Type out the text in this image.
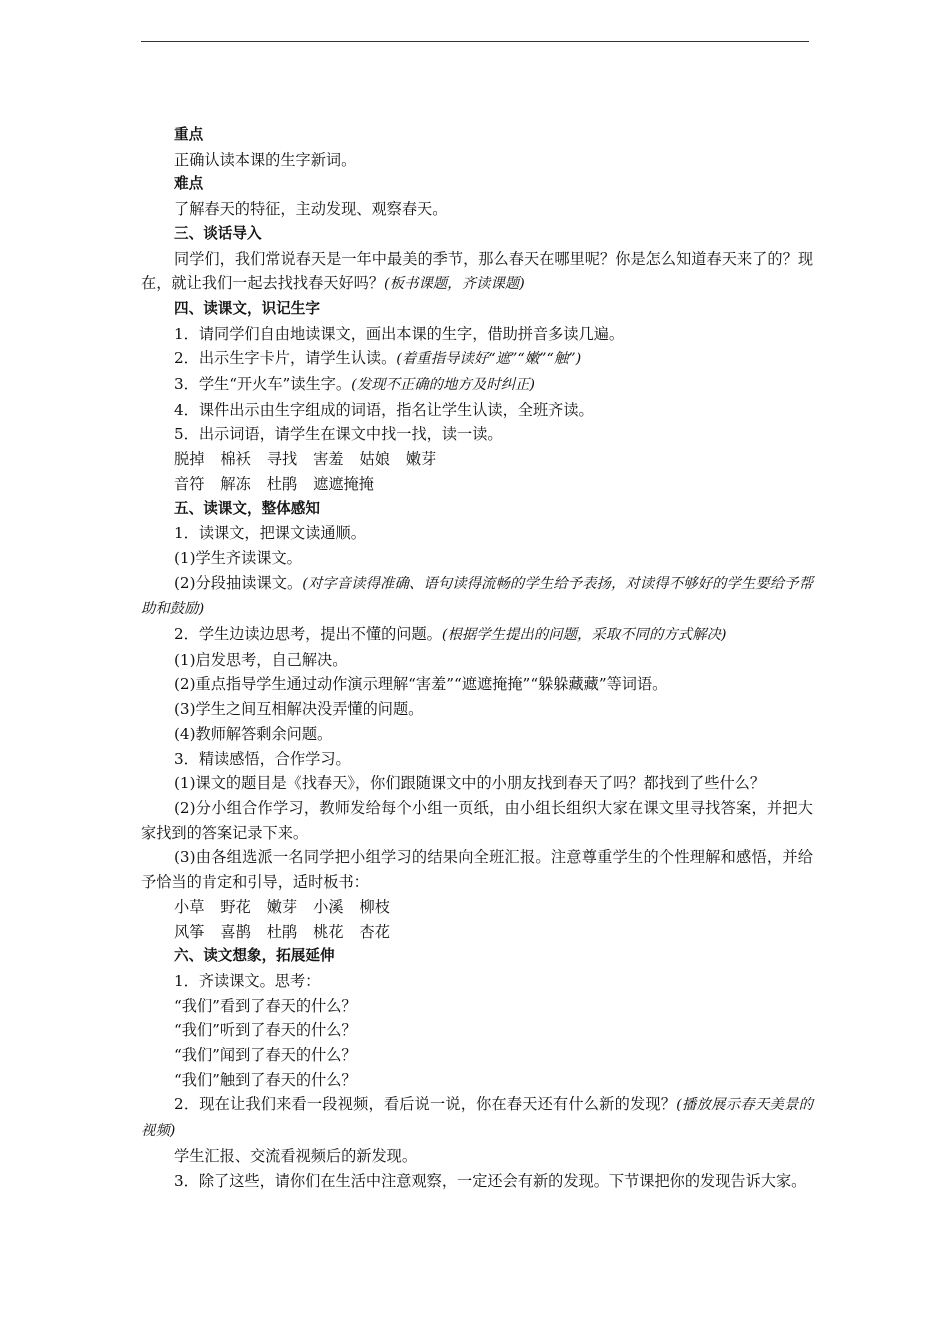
重点

正确认读本课的生字新词。

难点

了解春天的特征，主动发现、观察春天。

三、谈话导入

同学们，我们常说春天是一年中最美的季节，那么春天在哪里呢？你是怎么知道春天来了的？现在，就让我们一起去找找春天好吗？(板书课题，齐读课题)

四、读课文，识记生字

1．请同学们自由地读课文，画出本课的生字，借助拼音多读几遍。

2．出示生字卡片，请学生认读。(着重指导读好“遮”“嫩”“触”)

3．学生“开火车”读生字。(发现不正确的地方及时纠正)

4．课件出示由生字组成的词语，指名让学生认读，全班齐读。

5．出示词语，请学生在课文中找一找，读一读。

脱掉 棉袄 寻找 害羞 姑娘 嫩芽

音符 解冻 杜鹃 遮遮掩掩

五、读课文，整体感知

1．读课文，把课文读通顺。

(1)学生齐读课文。

(2)分段抽读课文。(对字音读得准确、语句读得流畅的学生给予表扬，对读得不够好的学生要给予帮助和鼓励)

2．学生边读边思考，提出不懂的问题。(根据学生提出的问题，采取不同的方式解决)

(1)启发思考，自己解决。

(2)重点指导学生通过动作演示理解“害羞”“遮遮掩掩”“躲躲藏藏”等词语。

(3)学生之间互相解决没弄懂的问题。

(4)教师解答剩余问题。

3．精读感悟，合作学习。

(1)课文的题目是《找春天》，你们跟随课文中的小朋友找到春天了吗？都找到了些什么？

(2)分小组合作学习，教师发给每个小组一页纸，由小组长组织大家在课文里寻找答案，并把大家找到的答案记录下来。

(3)由各组选派一名同学把小组学习的结果向全班汇报。注意尊重学生的个性理解和感悟，并给予恰当的肯定和引导，适时板书：

小草 野花 嫩芽 小溪 柳枝

风筝 喜鹊 杜鹃 桃花 杏花

六、读文想象，拓展延伸

1．齐读课文。思考：

“我们”看到了春天的什么？

“我们”听到了春天的什么？

“我们”闻到了春天的什么？

“我们”触到了春天的什么？

2．现在让我们来看一段视频，看后说一说，你在春天还有什么新的发现？(播放展示春天美景的视频)

学生汇报、交流看视频后的新发现。

3．除了这些，请你们在生活中注意观察，一定还会有新的发现。下节课把你的发现告诉大家。
